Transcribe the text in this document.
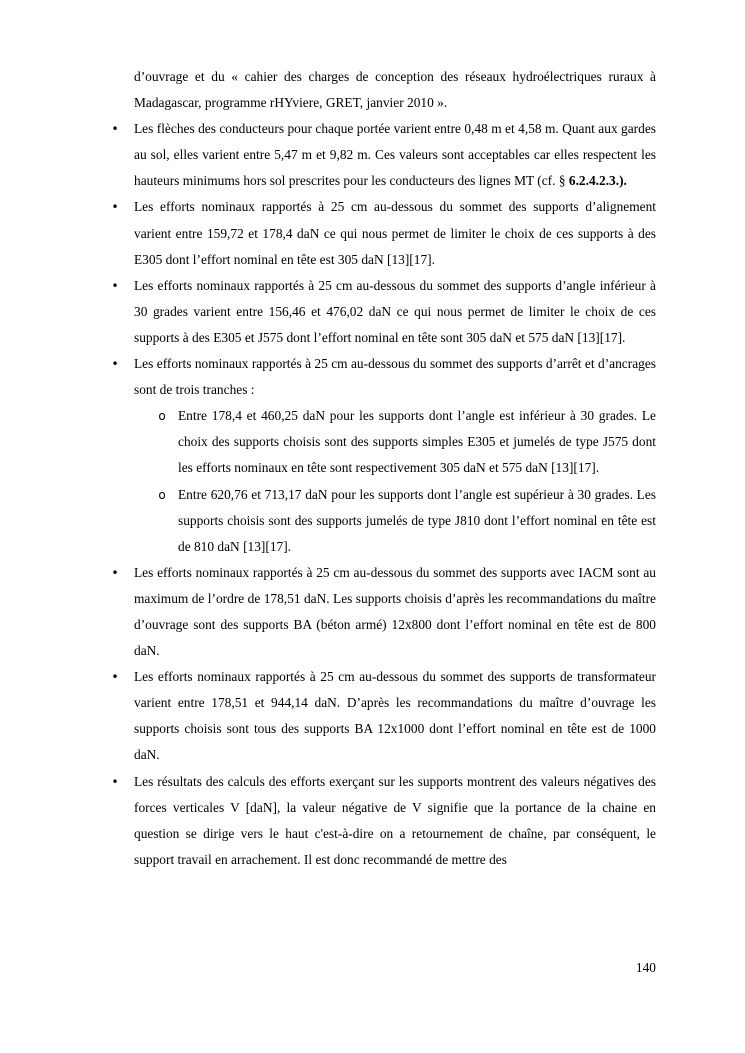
d’ouvrage et du « cahier des charges de conception des réseaux hydroélectriques ruraux à Madagascar, programme rHYviere, GRET, janvier 2010 ».

• Les flèches des conducteurs pour chaque portée varient entre 0,48 m et 4,58 m. Quant aux gardes au sol, elles varient entre 5,47 m et 9,82 m. Ces valeurs sont acceptables car elles respectent les hauteurs minimums hors sol prescrites pour les conducteurs des lignes MT (cf. § 6.2.4.2.3.).
• Les efforts nominaux rapportés à 25 cm au-dessous du sommet des supports d’alignement varient entre 159,72 et 178,4 daN ce qui nous permet de limiter le choix de ces supports à des E305 dont l’effort nominal en tête est 305 daN [13][17].
• Les efforts nominaux rapportés à 25 cm au-dessous du sommet des supports d’angle inférieur à 30 grades varient entre 156,46 et 476,02 daN ce qui nous permet de limiter le choix de ces supports à des E305 et J575 dont l’effort nominal en tête sont 305 daN et 575 daN [13][17].
• Les efforts nominaux rapportés à 25 cm au-dessous du sommet des supports d’arrêt et d’ancrages sont de trois tranches :
o Entre 178,4 et 460,25 daN pour les supports dont l’angle est inférieur à 30 grades. Le choix des supports choisis sont des supports simples E305 et jumelés de type J575 dont les efforts nominaux en tête sont respectivement 305 daN et 575 daN [13][17].
o Entre 620,76 et 713,17 daN pour les supports dont l’angle est supérieur à 30 grades. Les supports choisis sont des supports jumelés de type J810 dont l’effort nominal en tête est de 810 daN [13][17].
• Les efforts nominaux rapportés à 25 cm au-dessous du sommet des supports avec IACM sont au maximum de l’ordre de 178,51 daN. Les supports choisis d’après les recommandations du maître d’ouvrage sont des supports BA (béton armé) 12x800 dont l’effort nominal en tête est de 800 daN.
• Les efforts nominaux rapportés à 25 cm au-dessous du sommet des supports de transformateur varient entre 178,51 et 944,14 daN. D’après les recommandations du maître d’ouvrage les supports choisis sont tous des supports BA 12x1000 dont l’effort nominal en tête est de 1000 daN.
• Les résultats des calculs des efforts exerçant sur les supports montrent des valeurs négatives des forces verticales V [daN], la valeur négative de V signifie que la portance de la chaine en question se dirige vers le haut c'est-à-dire on a retournement de chaîne, par conséquent, le support travail en arrachement. Il est donc recommandé de mettre des
140
